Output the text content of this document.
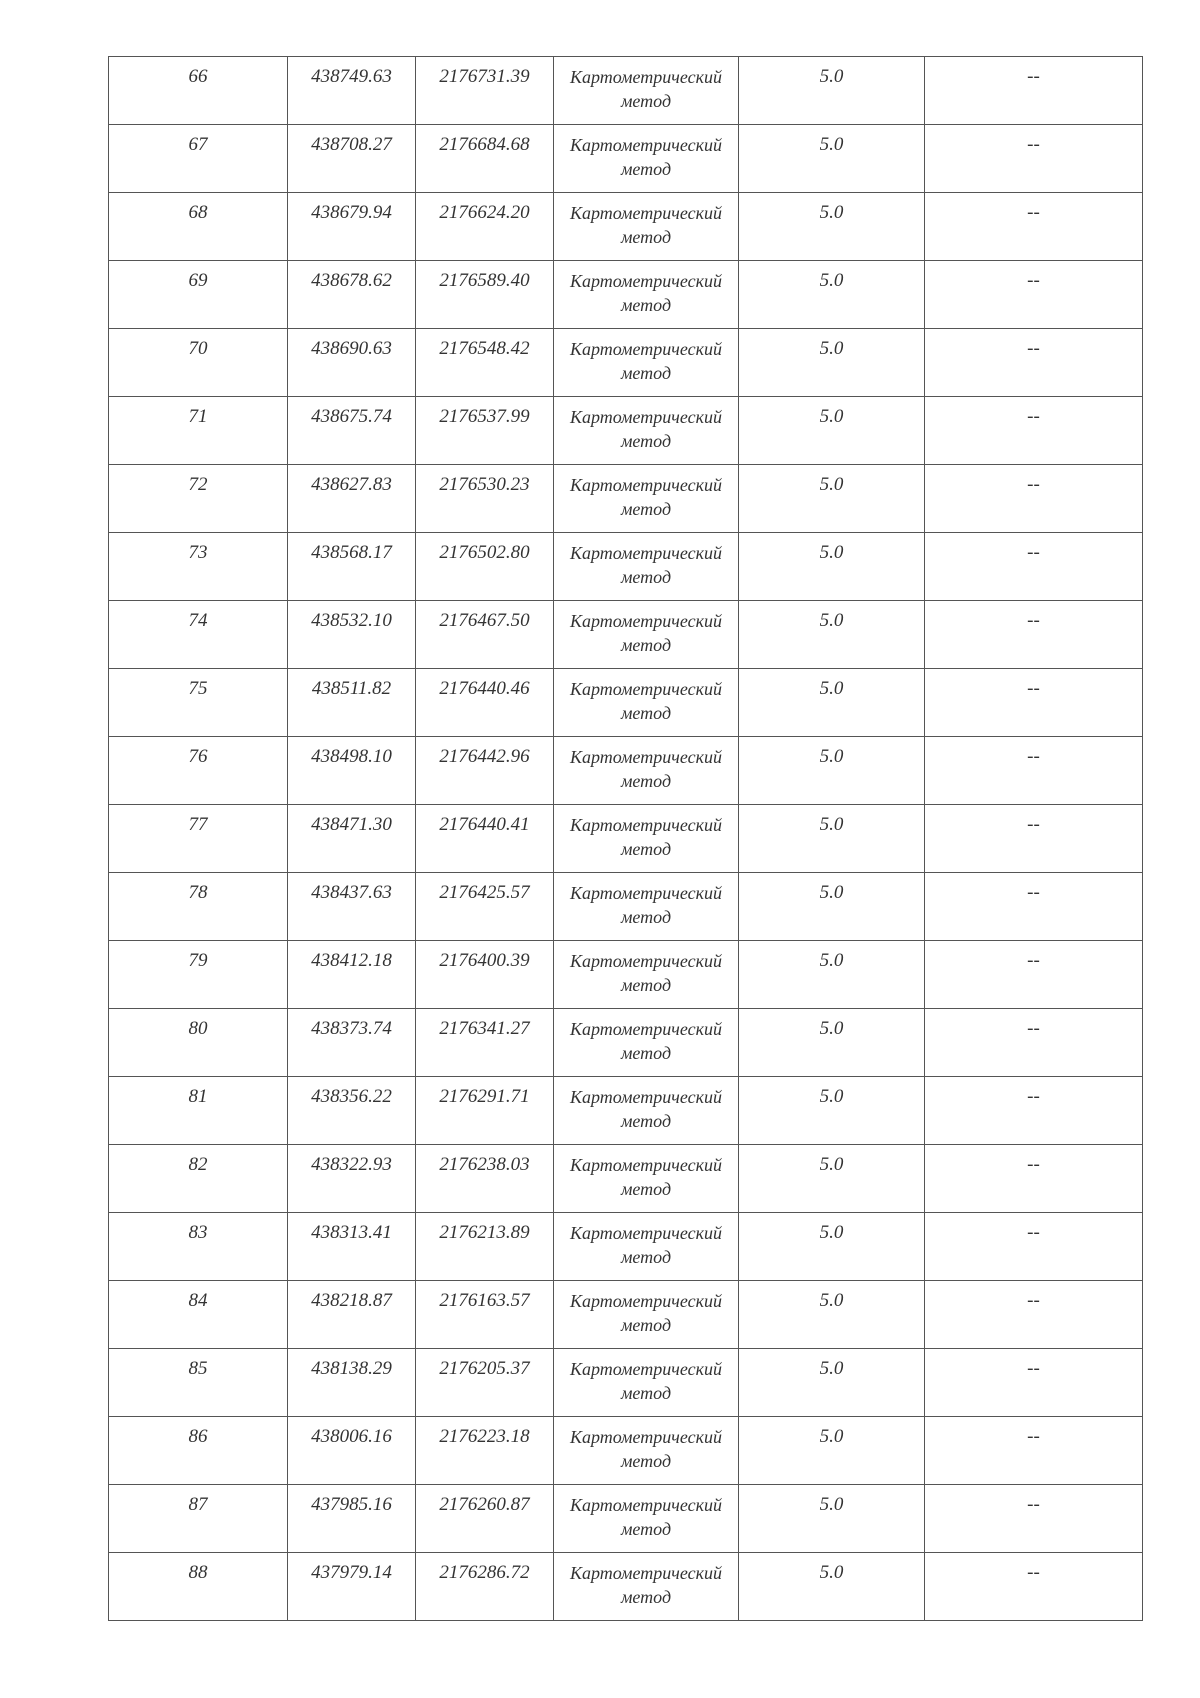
66	438749.63	2176731.39	Картометрический
метод	5.0	--

67	438708.27	2176684.68	Картометрический
метод	5.0	--

68	438679.94	2176624.20	Картометрический
метод	5.0	--

69	438678.62	2176589.40	Картометрический
метод	5.0	--

70	438690.63	2176548.42	Картометрический
метод	5.0	--

71	438675.74	2176537.99	Картометрический
метод	5.0	--

72	438627.83	2176530.23	Картометрический
метод	5.0	--

73	438568.17	2176502.80	Картометрический
метод	5.0	--

74	438532.10	2176467.50	Картометрический
метод	5.0	--

75	438511.82	2176440.46	Картометрический
метод	5.0	--

76	438498.10	2176442.96	Картометрический
метод	5.0	--

77	438471.30	2176440.41	Картометрический
метод	5.0	--

78	438437.63	2176425.57	Картометрический
метод	5.0	--

79	438412.18	2176400.39	Картометрический
метод	5.0	--

80	438373.74	2176341.27	Картометрический
метод	5.0	--

81	438356.22	2176291.71	Картометрический
метод	5.0	--

82	438322.93	2176238.03	Картометрический
метод	5.0	--

83	438313.41	2176213.89	Картометрический
метод	5.0	--

84	438218.87	2176163.57	Картометрический
метод	5.0	--

85	438138.29	2176205.37	Картометрический
метод	5.0	--

86	438006.16	2176223.18	Картометрический
метод	5.0	--

87	437985.16	2176260.87	Картометрический
метод	5.0	--

88	437979.14	2176286.72	Картометрический
метод	5.0	--
